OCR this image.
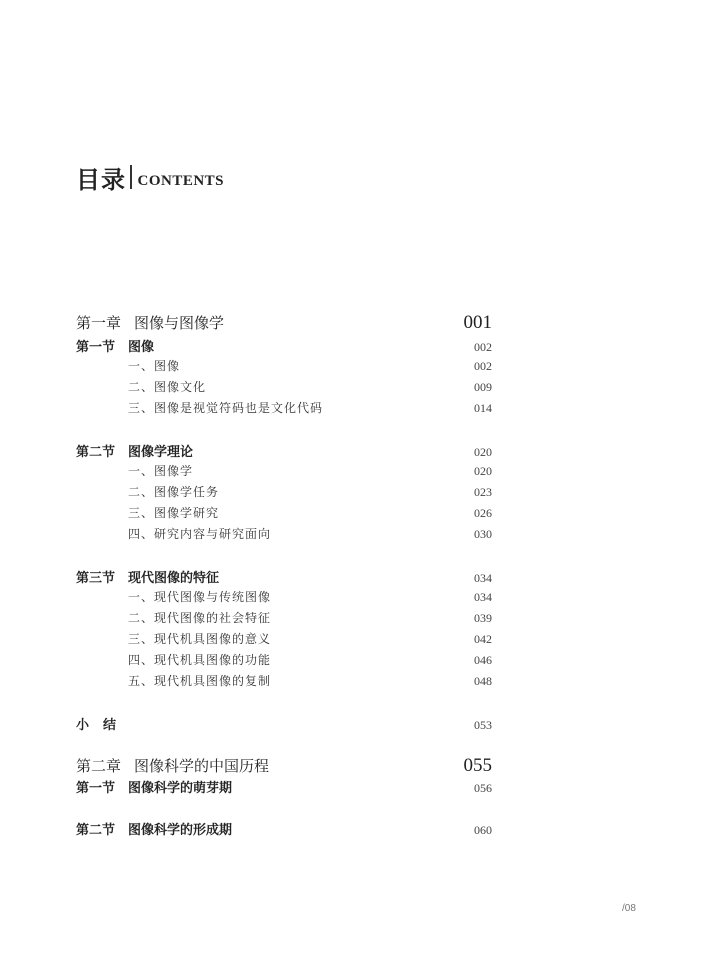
目录 CONTENTS
第一章 图像与图像学	001
第一节 图像	002
一、图像	002
二、图像文化	009
三、图像是视觉符码也是文化代码	014
第二节 图像学理论	020
一、图像学	020
二、图像学任务	023
三、图像学研究	026
四、研究内容与研究面向	030
第三节 现代图像的特征	034
一、现代图像与传统图像	034
二、现代图像的社会特征	039
三、现代机具图像的意义	042
四、现代机具图像的功能	046
五、现代机具图像的复制	048
小结	053
第二章 图像科学的中国历程	055
第一节 图像科学的萌芽期	056
第二节 图像科学的形成期	060
/08
